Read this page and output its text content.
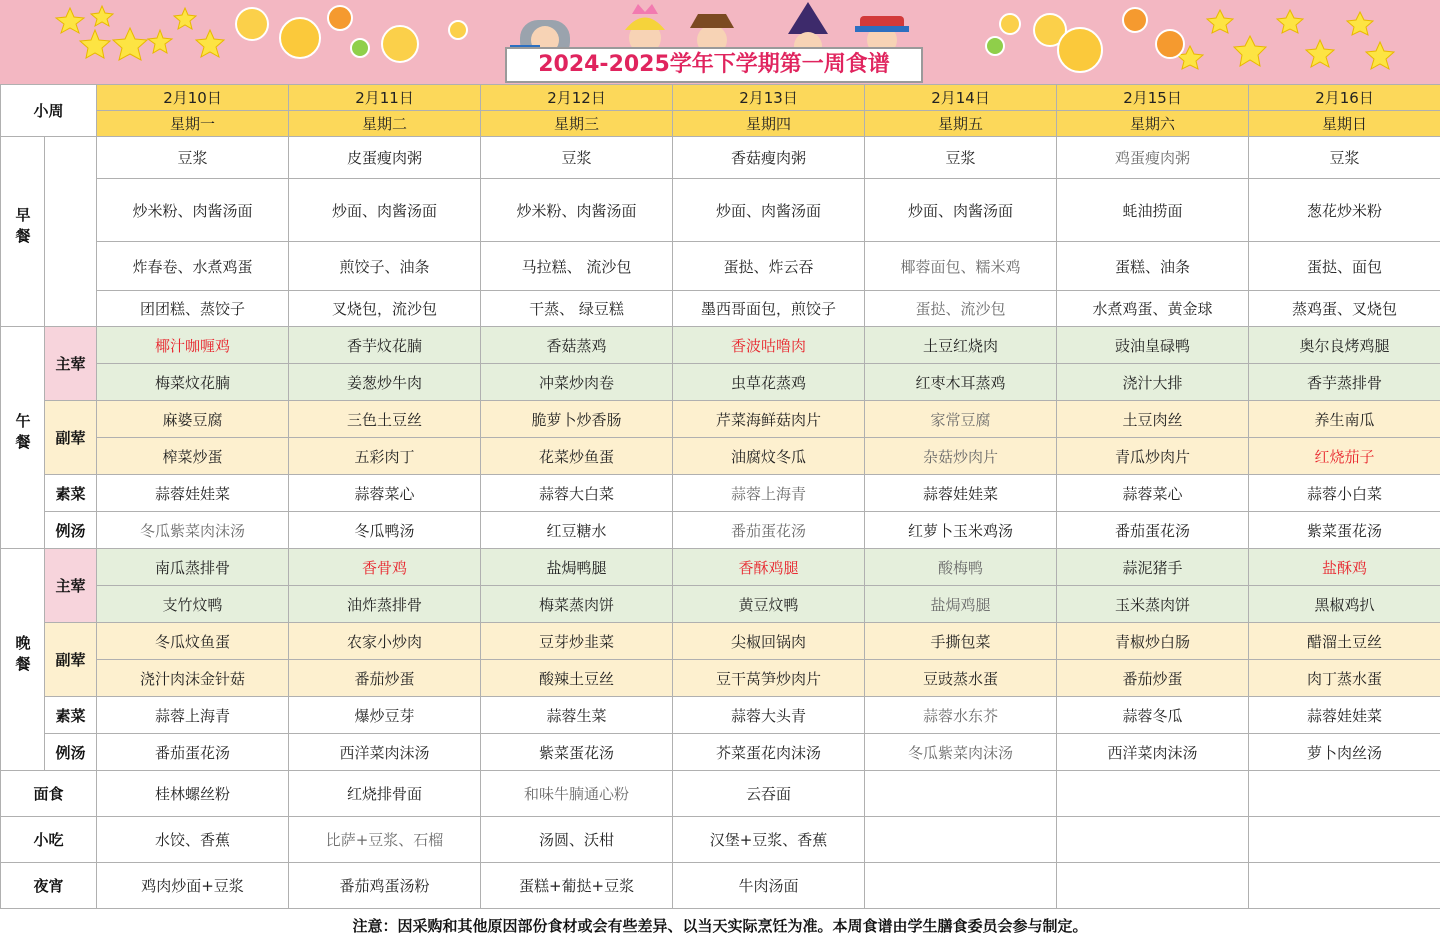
2024-2025学年下学期第一周食谱
小周		2月10日	2月11日	2月12日	2月13日	2月14日	2月15日	2月16日
		星期一	星期二	星期三	星期四	星期五	星期六	星期日
早餐		豆浆	皮蛋瘦肉粥	豆浆	香菇瘦肉粥	豆浆	鸡蛋瘦肉粥	豆浆
		炒米粉、肉酱汤面	炒面、肉酱汤面	炒米粉、肉酱汤面	炒面、肉酱汤面	炒面、肉酱汤面	蚝油捞面	葱花炒米粉
		炸春卷、水煮鸡蛋	煎饺子、油条	马拉糕、 流沙包	蛋挞、炸云吞	椰蓉面包、糯米鸡	蛋糕、油条	蛋挞、面包
		团团糕、蒸饺子	叉烧包，流沙包	干蒸、 绿豆糕	墨西哥面包，煎饺子	蛋挞、流沙包	水煮鸡蛋、黄金球	蒸鸡蛋、叉烧包
午餐	主荤	椰汁咖喱鸡	香芋炆花腩	香菇蒸鸡	香波咕噜肉	土豆红烧肉	豉油皇碌鸭	奥尔良烤鸡腿
		梅菜炆花腩	姜葱炒牛肉	冲菜炒肉卷	虫草花蒸鸡	红枣木耳蒸鸡	浇汁大排	香芋蒸排骨
	副荤	麻婆豆腐	三色土豆丝	脆萝卜炒香肠	芹菜海鲜菇肉片	家常豆腐	土豆肉丝	养生南瓜
		榨菜炒蛋	五彩肉丁	花菜炒鱼蛋	油腐炆冬瓜	杂菇炒肉片	青瓜炒肉片	红烧茄子
	素菜	蒜蓉娃娃菜	蒜蓉菜心	蒜蓉大白菜	蒜蓉上海青	蒜蓉娃娃菜	蒜蓉菜心	蒜蓉小白菜
	例汤	冬瓜紫菜肉沫汤	冬瓜鸭汤	红豆糖水	番茄蛋花汤	红萝卜玉米鸡汤	番茄蛋花汤	紫菜蛋花汤
晚餐	主荤	南瓜蒸排骨	香骨鸡	盐焗鸭腿	香酥鸡腿	酸梅鸭	蒜泥猪手	盐酥鸡
		支竹炆鸭	油炸蒸排骨	梅菜蒸肉饼	黄豆炆鸭	盐焗鸡腿	玉米蒸肉饼	黑椒鸡扒
	副荤	冬瓜炆鱼蛋	农家小炒肉	豆芽炒韭菜	尖椒回锅肉	手撕包菜	青椒炒白肠	醋溜土豆丝
		浇汁肉沫金针菇	番茄炒蛋	酸辣土豆丝	豆干莴笋炒肉片	豆豉蒸水蛋	番茄炒蛋	肉丁蒸水蛋
	素菜	蒜蓉上海青	爆炒豆芽	蒜蓉生菜	蒜蓉大头青	蒜蓉水东芥	蒜蓉冬瓜	蒜蓉娃娃菜
	例汤	番茄蛋花汤	西洋菜肉沫汤	紫菜蛋花汤	芥菜蛋花肉沫汤	冬瓜紫菜肉沫汤	西洋菜肉沫汤	萝卜肉丝汤
面食		桂林螺丝粉	红烧排骨面	和味牛腩通心粉	云吞面			
小吃		水饺、香蕉	比萨+豆浆、石榴	汤圆、沃柑	汉堡+豆浆、香蕉			
夜宵		鸡肉炒面+豆浆	番茄鸡蛋汤粉	蛋糕+葡挞+豆浆	牛肉汤面			
注意：因采购和其他原因部份食材或会有些差异、以当天实际烹饪为准。本周食谱由学生膳食委员会参与制定。
